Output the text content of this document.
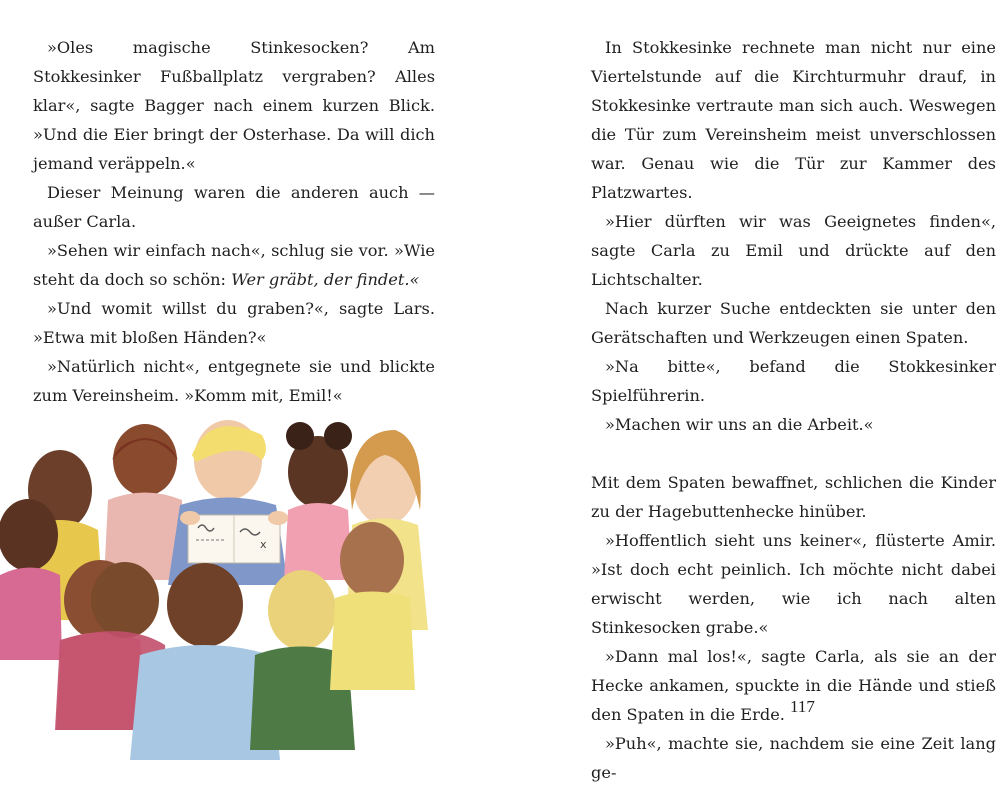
»Oles magische Stinkesocken? Am Stokkesinker Fußballplatz vergraben? Alles klar«, sagte Bagger nach einem kurzen Blick. »Und die Eier bringt der Osterhase. Da will dich jemand veräppeln.«

Dieser Meinung waren die anderen auch — außer Carla.

»Sehen wir einfach nach«, schlug sie vor. »Wie steht da doch so schön: Wer gräbt, der findet.«

»Und womit willst du graben?«, sagte Lars. »Etwa mit bloßen Händen?«

»Natürlich nicht«, entgegnete sie und blickte zum Vereinsheim. »Komm mit, Emil!«

x

In Stokkesinke rechnete man nicht nur eine Viertelstunde auf die Kirchturmuhr drauf, in Stokkesinke vertraute man sich auch. Weswegen die Tür zum Vereinsheim meist unverschlossen war. Genau wie die Tür zur Kammer des Platzwartes.

»Hier dürften wir was Geeignetes finden«, sagte Carla zu Emil und drückte auf den Lichtschalter.

Nach kurzer Suche entdeckten sie unter den Gerätschaften und Werkzeugen einen Spaten.

»Na bitte«, befand die Stokkesinker Spielführerin.

»Machen wir uns an die Arbeit.«

Mit dem Spaten bewaffnet, schlichen die Kinder zu der Hagebuttenhecke hinüber.

»Hoffentlich sieht uns keiner«, flüsterte Amir. »Ist doch echt peinlich. Ich möchte nicht dabei erwischt werden, wie ich nach alten Stinkesocken grabe.«

»Dann mal los!«, sagte Carla, als sie an der Hecke ankamen, spuckte in die Hände und stieß den Spaten in die Erde.

»Puh«, machte sie, nachdem sie eine Zeit lang ge-

117
